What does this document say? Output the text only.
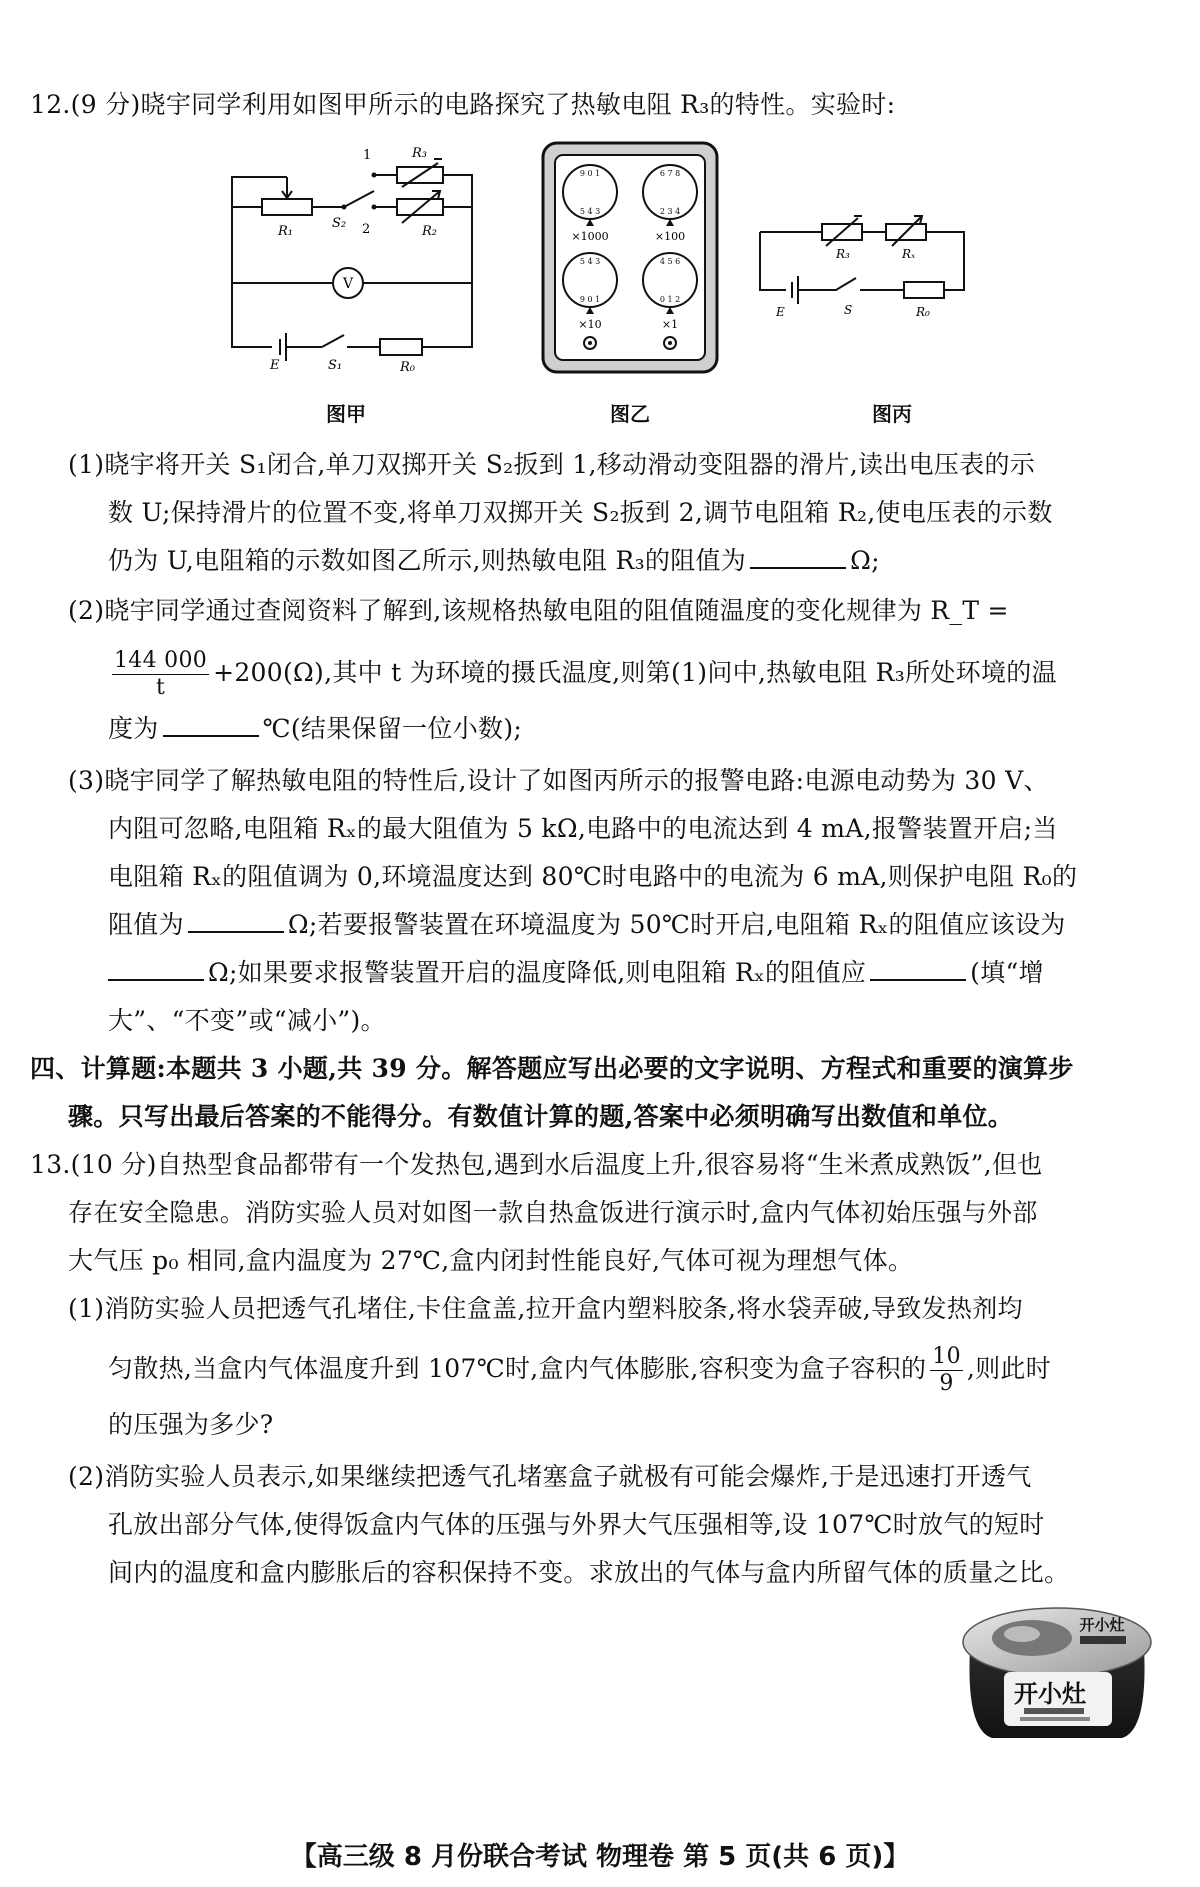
12.(9 分)晓宇同学利用如图甲所示的电路探究了热敏电阻 R₃的特性。实验时:
1
2
R₃
R₁
S₂
R₂
V
E	S₁	R₀
图甲
9 0 1
5 4 3
6 7 8
2 3 4
5 4 3
9 0 1
4 5 6
0 1 2
×1000	×100
×10	×1
图乙
R₃	Rₓ
E	S	R₀
图丙
(1)晓宇将开关 S₁闭合,单刀双掷开关 S₂扳到 1,移动滑动变阻器的滑片,读出电压表的示
数 U;保持滑片的位置不变,将单刀双掷开关 S₂扳到 2,调节电阻箱 R₂,使电压表的示数
仍为 U,电阻箱的示数如图乙所示,则热敏电阻 R₃的阻值为	Ω;
(2)晓宇同学通过查阅资料了解到,该规格热敏电阻的阻值随温度的变化规律为 R_T =
$\frac{144 000}{t} +200(\Omega)$,其中 t 为环境的摄氏温度,则第(1)问中,热敏电阻 R₃所处环境的温
度为	℃(结果保留一位小数);
(3)晓宇同学了解热敏电阻的特性后,设计了如图丙所示的报警电路:电源电动势为 30 V、
内阻可忽略,电阻箱 Rₓ的最大阻值为 5 kΩ,电路中的电流达到 4 mA,报警装置开启;当
电阻箱 Rₓ的阻值调为 0,环境温度达到 80℃时电路中的电流为 6 mA,则保护电阻 R₀的
阻值为	Ω;若要报警装置在环境温度为 50℃时开启,电阻箱 Rₓ的阻值应该设为
Ω;如果要求报警装置开启的温度降低,则电阻箱 Rₓ的阻值应	(填“增
大”、“不变”或“减小”)。
四、计算题:本题共 3 小题,共 39 分。解答题应写出必要的文字说明、方程式和重要的演算步
骤。只写出最后答案的不能得分。有数值计算的题,答案中必须明确写出数值和单位。
13.(10 分)自热型食品都带有一个发热包,遇到水后温度上升,很容易将“生米煮成熟饭”,但也
存在安全隐患。消防实验人员对如图一款自热盒饭进行演示时,盒内气体初始压强与外部
大气压 p₀ 相同,盒内温度为 27℃,盒内闭封性能良好,气体可视为理想气体。
(1)消防实验人员把透气孔堵住,卡住盒盖,拉开盒内塑料胶条,将水袋弄破,导致发热剂均
匀散热,当盒内气体温度升到 107℃时,盒内气体膨胀,容积变为盒子容积的 $\frac{10}{9}$ ,则此时
的压强为多少?
(2)消防实验人员表示,如果继续把透气孔堵塞盒子就极有可能会爆炸,于是迅速打开透气
孔放出部分气体,使得饭盒内气体的压强与外界大气压强相等,设 107℃时放气的短时
间内的温度和盒内膨胀后的容积保持不变。求放出的气体与盒内所留气体的质量之比。
开小灶
开小灶
【高三级 8 月份联合考试 物理卷 第 5 页(共 6 页)】
